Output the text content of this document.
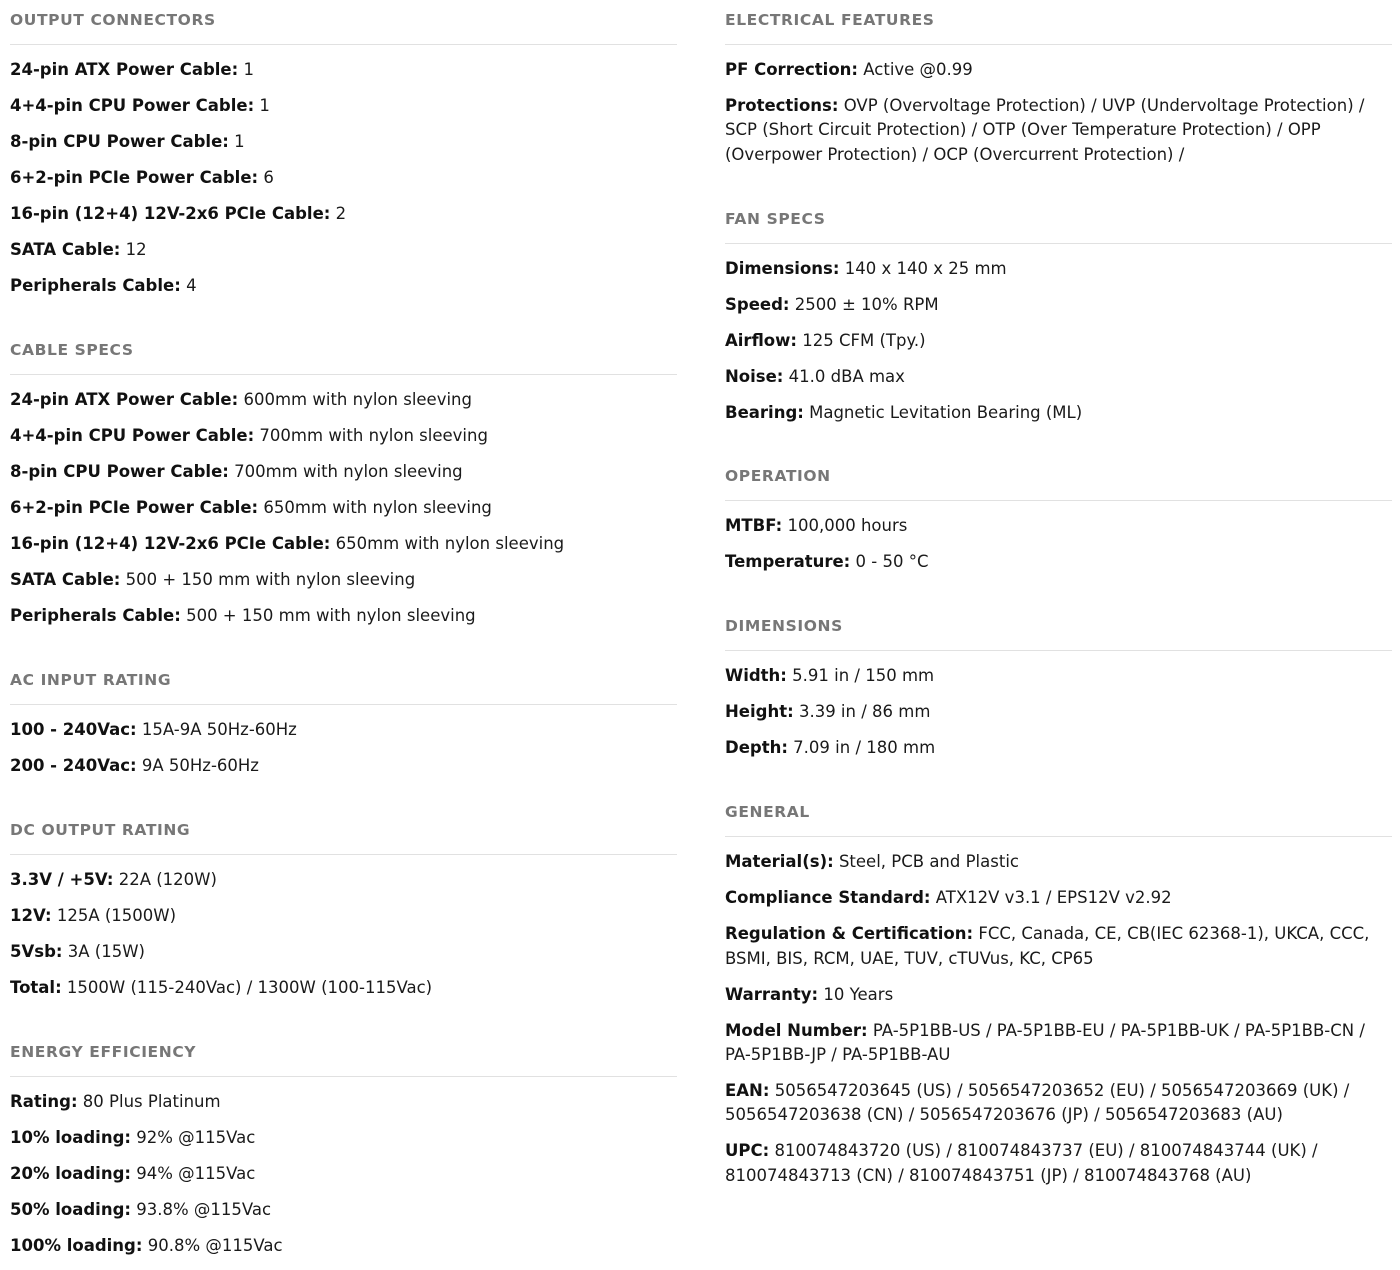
OUTPUT CONNECTORS

24-pin ATX Power Cable: 1

4+4-pin CPU Power Cable: 1

8-pin CPU Power Cable: 1

6+2-pin PCIe Power Cable: 6

16-pin (12+4) 12V-2x6 PCIe Cable: 2

SATA Cable: 12

Peripherals Cable: 4

CABLE SPECS

24-pin ATX Power Cable: 600mm with nylon sleeving

4+4-pin CPU Power Cable: 700mm with nylon sleeving

8-pin CPU Power Cable: 700mm with nylon sleeving

6+2-pin PCIe Power Cable: 650mm with nylon sleeving

16-pin (12+4) 12V-2x6 PCIe Cable: 650mm with nylon sleeving

SATA Cable: 500 + 150 mm with nylon sleeving

Peripherals Cable: 500 + 150 mm with nylon sleeving

AC INPUT RATING

100 - 240Vac: 15A-9A 50Hz-60Hz

200 - 240Vac: 9A 50Hz-60Hz

DC OUTPUT RATING

3.3V / +5V: 22A (120W)

12V: 125A (1500W)

5Vsb: 3A (15W)

Total: 1500W (115-240Vac) / 1300W (100-115Vac)

ENERGY EFFICIENCY

Rating: 80 Plus Platinum

10% loading: 92% @115Vac

20% loading: 94% @115Vac

50% loading: 93.8% @115Vac

100% loading: 90.8% @115Vac

ELECTRICAL FEATURES

PF Correction: Active @0.99

Protections: OVP (Overvoltage Protection) / UVP (Undervoltage Protection) / SCP (Short Circuit Protection) / OTP (Over Temperature Protection) / OPP (Overpower Protection) / OCP (Overcurrent Protection) /

FAN SPECS

Dimensions: 140 x 140 x 25 mm

Speed: 2500 ± 10% RPM

Airflow: 125 CFM (Tpy.)

Noise: 41.0 dBA max

Bearing: Magnetic Levitation Bearing (ML)

OPERATION

MTBF: 100,000 hours

Temperature: 0 - 50 °C

DIMENSIONS

Width: 5.91 in / 150 mm

Height: 3.39 in / 86 mm

Depth: 7.09 in / 180 mm

GENERAL

Material(s): Steel, PCB and Plastic

Compliance Standard: ATX12V v3.1 / EPS12V v2.92

Regulation & Certification: FCC, Canada, CE, CB(IEC 62368-1), UKCA, CCC, BSMI, BIS, RCM, UAE, TUV, cTUVus, KC, CP65

Warranty: 10 Years

Model Number: PA-5P1BB-US / PA-5P1BB-EU / PA-5P1BB-UK / PA-5P1BB-CN / PA-5P1BB-JP / PA-5P1BB-AU

EAN: 5056547203645 (US) / 5056547203652 (EU) / 5056547203669 (UK) / 5056547203638 (CN) / 5056547203676 (JP) / 5056547203683 (AU)

UPC: 810074843720 (US) / 810074843737 (EU) / 810074843744 (UK) / 810074843713 (CN) / 810074843751 (JP) / 810074843768 (AU)
